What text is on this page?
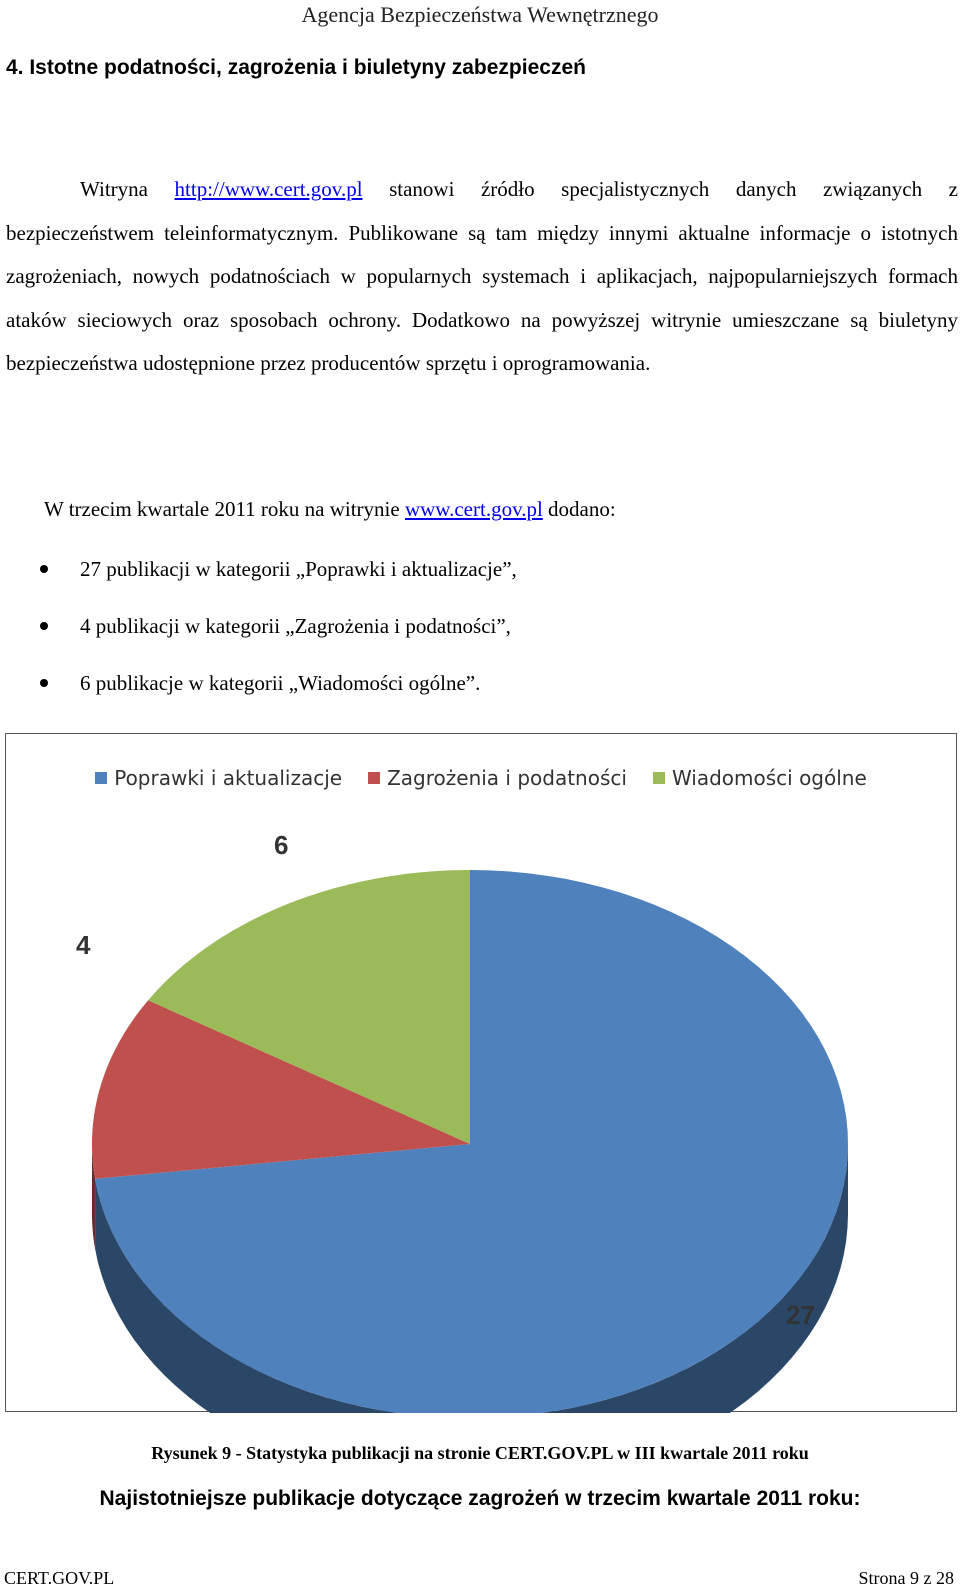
Agencja Bezpieczeństwa Wewnętrznego
4. Istotne podatności, zagrożenia i biuletyny zabezpieczeń
Witryna http://www.cert.gov.pl stanowi źródło specjalistycznych danych związanych z bezpieczeństwem teleinformatycznym. Publikowane są tam między innymi aktualne informacje o istotnych zagrożeniach, nowych podatnościach w popularnych systemach i aplikacjach, najpopularniejszych formach ataków sieciowych oraz sposobach ochrony. Dodatkowo na powyższej witrynie umieszczane są biuletyny bezpieczeństwa udostępnione przez producentów sprzętu i oprogramowania.
W trzecim kwartale 2011 roku na witrynie www.cert.gov.pl dodano:
27 publikacji w kategorii „Poprawki i aktualizacje”,
4 publikacji w kategorii „Zagrożenia i podatności”,
6 publikacje w kategorii „Wiadomości ogólne”.
Poprawki i aktualizacje Zagrożenia i podatności Wiadomości ogólne
27
4
6
Rysunek 9 - Statystyka publikacji na stronie CERT.GOV.PL w III kwartale 2011 roku
Najistotniejsze publikacje dotyczące zagrożeń w trzecim kwartale 2011 roku:
CERT.GOV.PL	Strona 9 z 28
